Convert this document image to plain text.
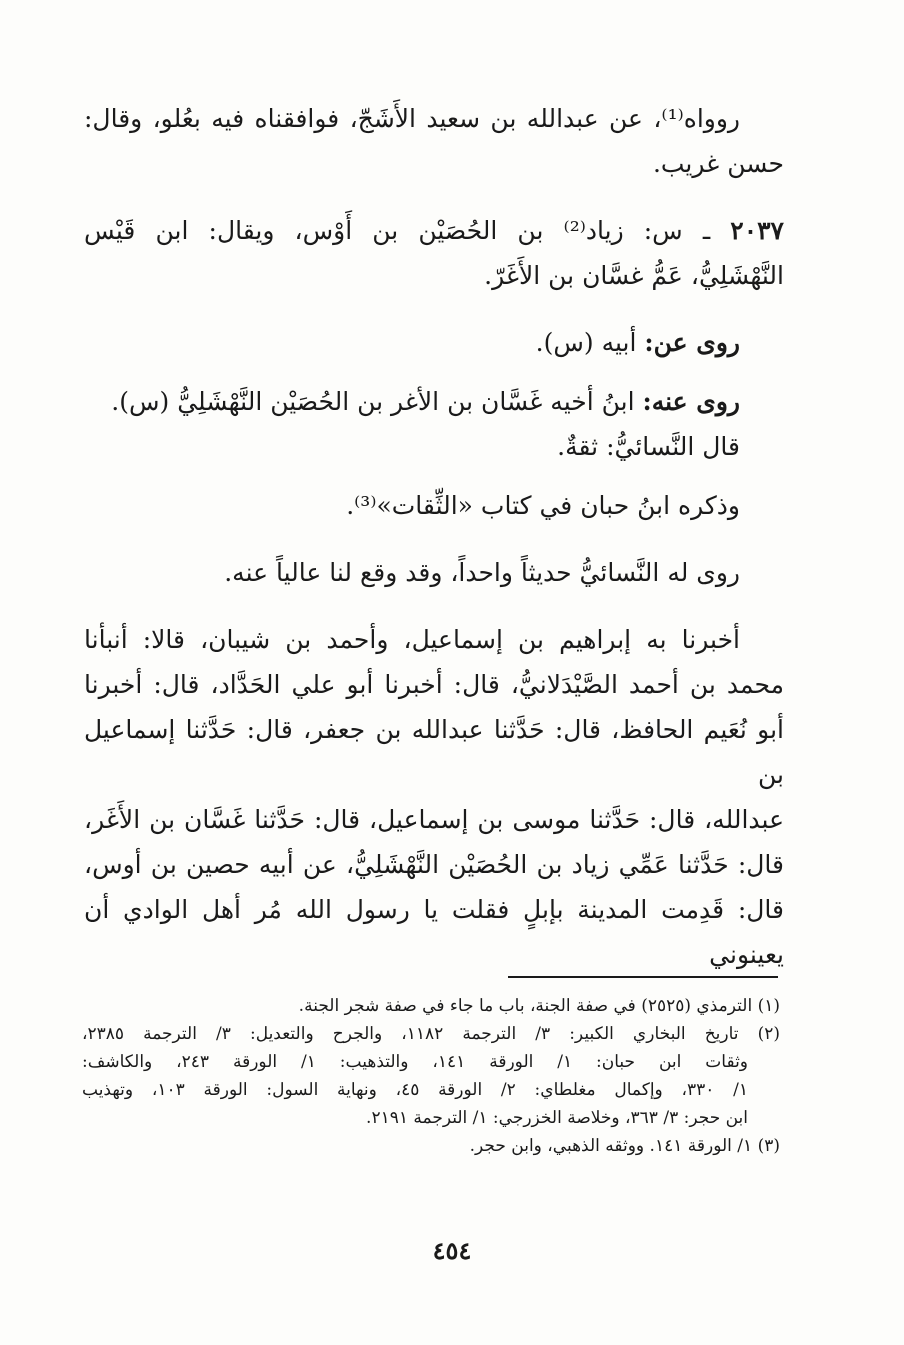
روواه⁽¹⁾، عن عبدالله بن سعيد الأَشَجّ، فوافقناه فيه بعُلو، وقال:

حسن غريب.

٢٠٣٧ ـ س: زياد⁽²⁾ بن الحُصَيْن بن أَوْس، ويقال: ابن قَيْس

النَّهْشَلِيُّ، عَمُّ غسَّان بن الأَغَرّ.

روى عن: أبيه (س).

روى عنه: ابنُ أخيه غَسَّان بن الأغر بن الحُصَيْن النَّهْشَلِيُّ (س).

قال النَّسائيُّ: ثقةٌ.

وذكره ابنُ حبان في كتاب «الثِّقات»⁽³⁾.

روى له النَّسائيُّ حديثاً واحداً، وقد وقع لنا عالياً عنه.

أخبرنا به إبراهيم بن إسماعيل، وأحمد بن شيبان، قالا: أنبأنا

محمد بن أحمد الصَّيْدَلانيُّ، قال: أخبرنا أبو علي الحَدَّاد، قال: أخبرنا

أبو نُعَيم الحافظ، قال: حَدَّثنا عبدالله بن جعفر، قال: حَدَّثنا إسماعيل بن

عبدالله، قال: حَدَّثنا موسى بن إسماعيل، قال: حَدَّثنا غَسَّان بن الأَغَر،

قال: حَدَّثنا عَمِّي زياد بن الحُصَيْن النَّهْشَلِيُّ، عن أبيه حصين بن أوس،

قال: قَدِمت المدينة بإبلٍ فقلت يا رسول الله مُر أهل الوادي أن يعينوني

(١) الترمذي (٢٥٢٥) في صفة الجنة، باب ما جاء في صفة شجر الجنة.

(٢) تاريخ البخاري الكبير: ٣/ الترجمة ١١٨٢، والجرح والتعديل: ٣/ الترجمة ٢٣٨٥،

وثقات ابن حبان: ١/ الورقة ١٤١، والتذهيب: ١/ الورقة ٢٤٣، والكاشف:

١/ ٣٣٠، وإكمال مغلطاي: ٢/ الورقة ٤٥، ونهاية السول: الورقة ١٠٣، وتهذيب

ابن حجر: ٣/ ٣٦٣، وخلاصة الخزرجي: ١/ الترجمة ٢١٩١.

(٣) ١/ الورقة ١٤١. ووثقه الذهبي، وابن حجر.

٤٥٤
